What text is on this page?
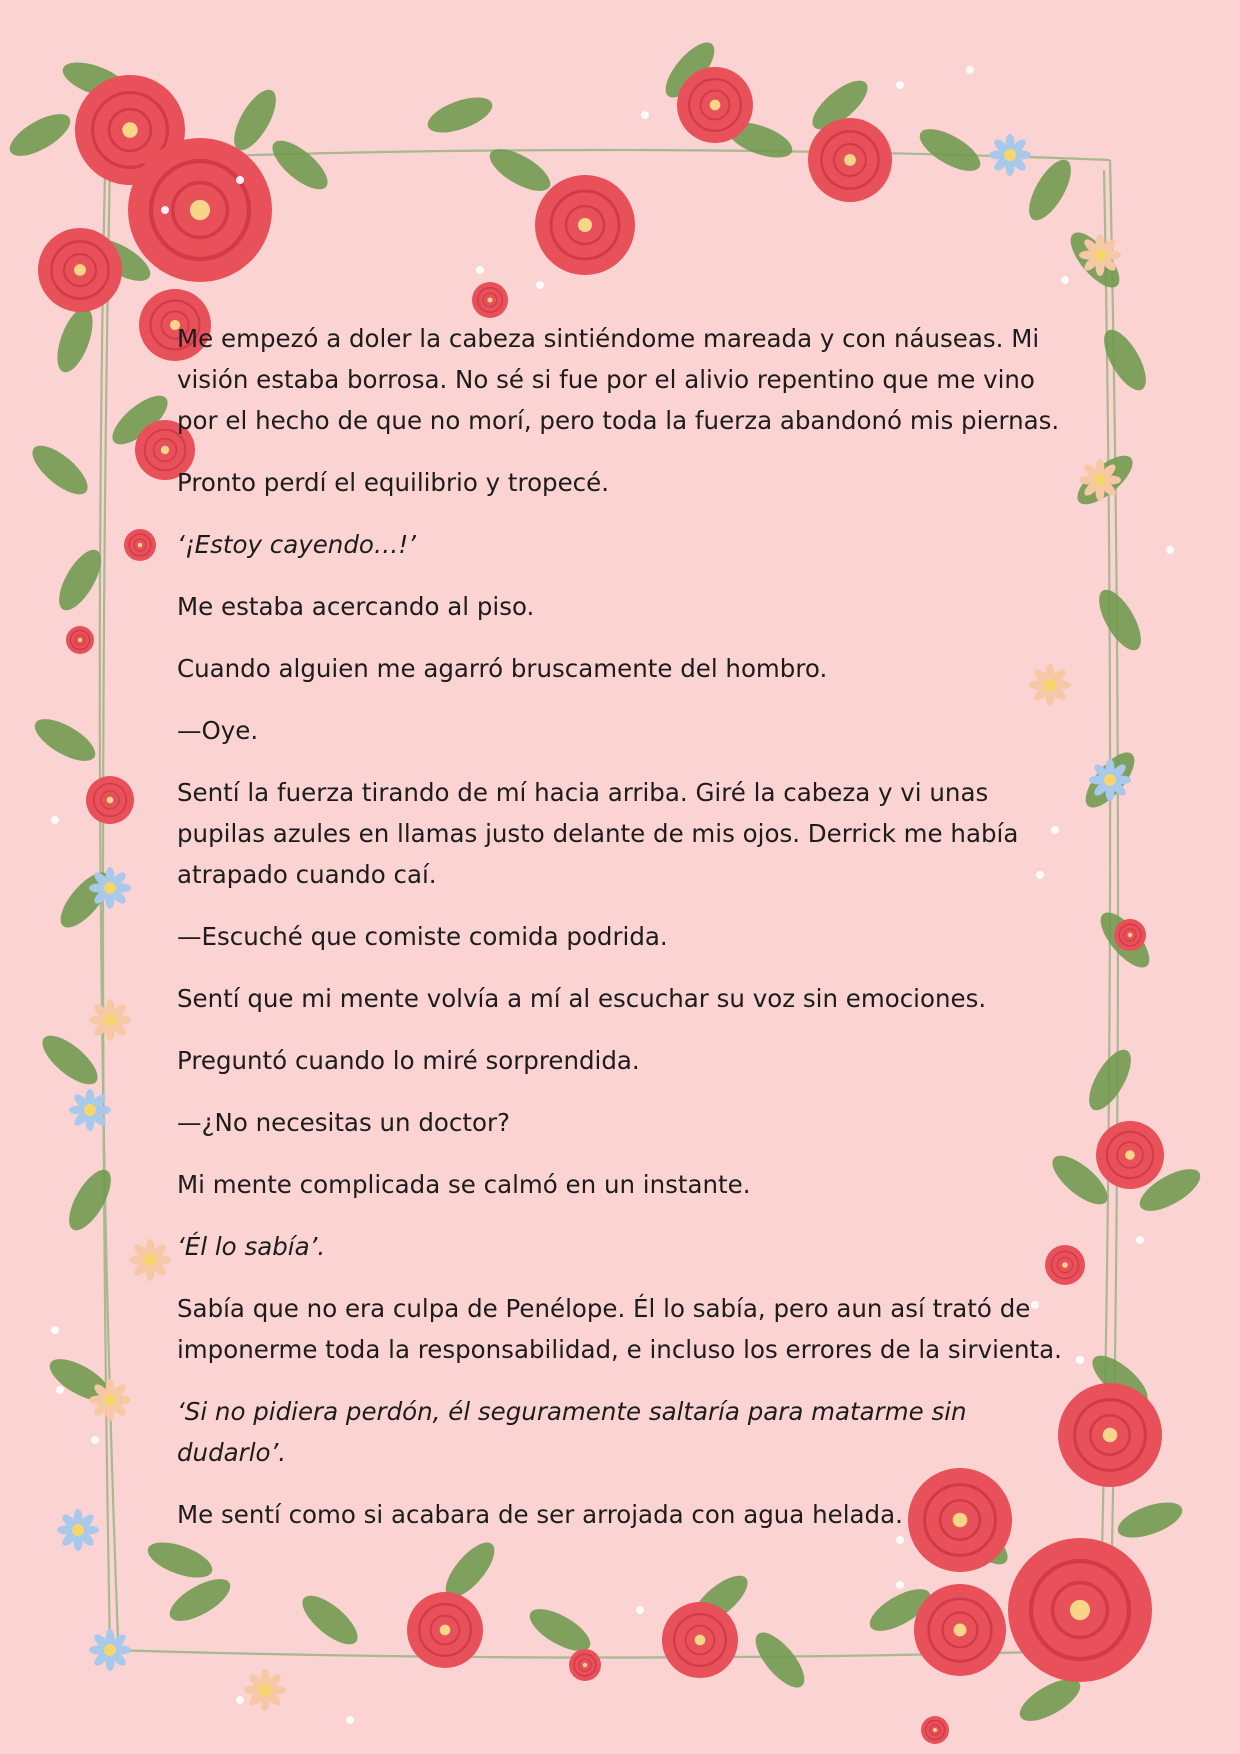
Me empezó a doler la cabeza sintiéndome mareada y con náuseas. Mi visión estaba borrosa. No sé si fue por el alivio repentino que me vino por el hecho de que no morí, pero toda la fuerza abandonó mis piernas.

Pronto perdí el equilibrio y tropecé.

‘¡Estoy cayendo…!’

Me estaba acercando al piso.

Cuando alguien me agarró bruscamente del hombro.

—Oye.

Sentí la fuerza tirando de mí hacia arriba. Giré la cabeza y vi unas pupilas azules en llamas justo delante de mis ojos. Derrick me había atrapado cuando caí.

—Escuché que comiste comida podrida.

Sentí que mi mente volvía a mí al escuchar su voz sin emociones.

Preguntó cuando lo miré sorprendida.

—¿No necesitas un doctor?

Mi mente complicada se calmó en un instante.

‘Él lo sabía’.

Sabía que no era culpa de Penélope. Él lo sabía, pero aun así trató de imponerme toda la responsabilidad, e incluso los errores de la sirvienta.

‘Si no pidiera perdón, él seguramente saltaría para matarme sin dudarlo’.

Me sentí como si acabara de ser arrojada con agua helada.
